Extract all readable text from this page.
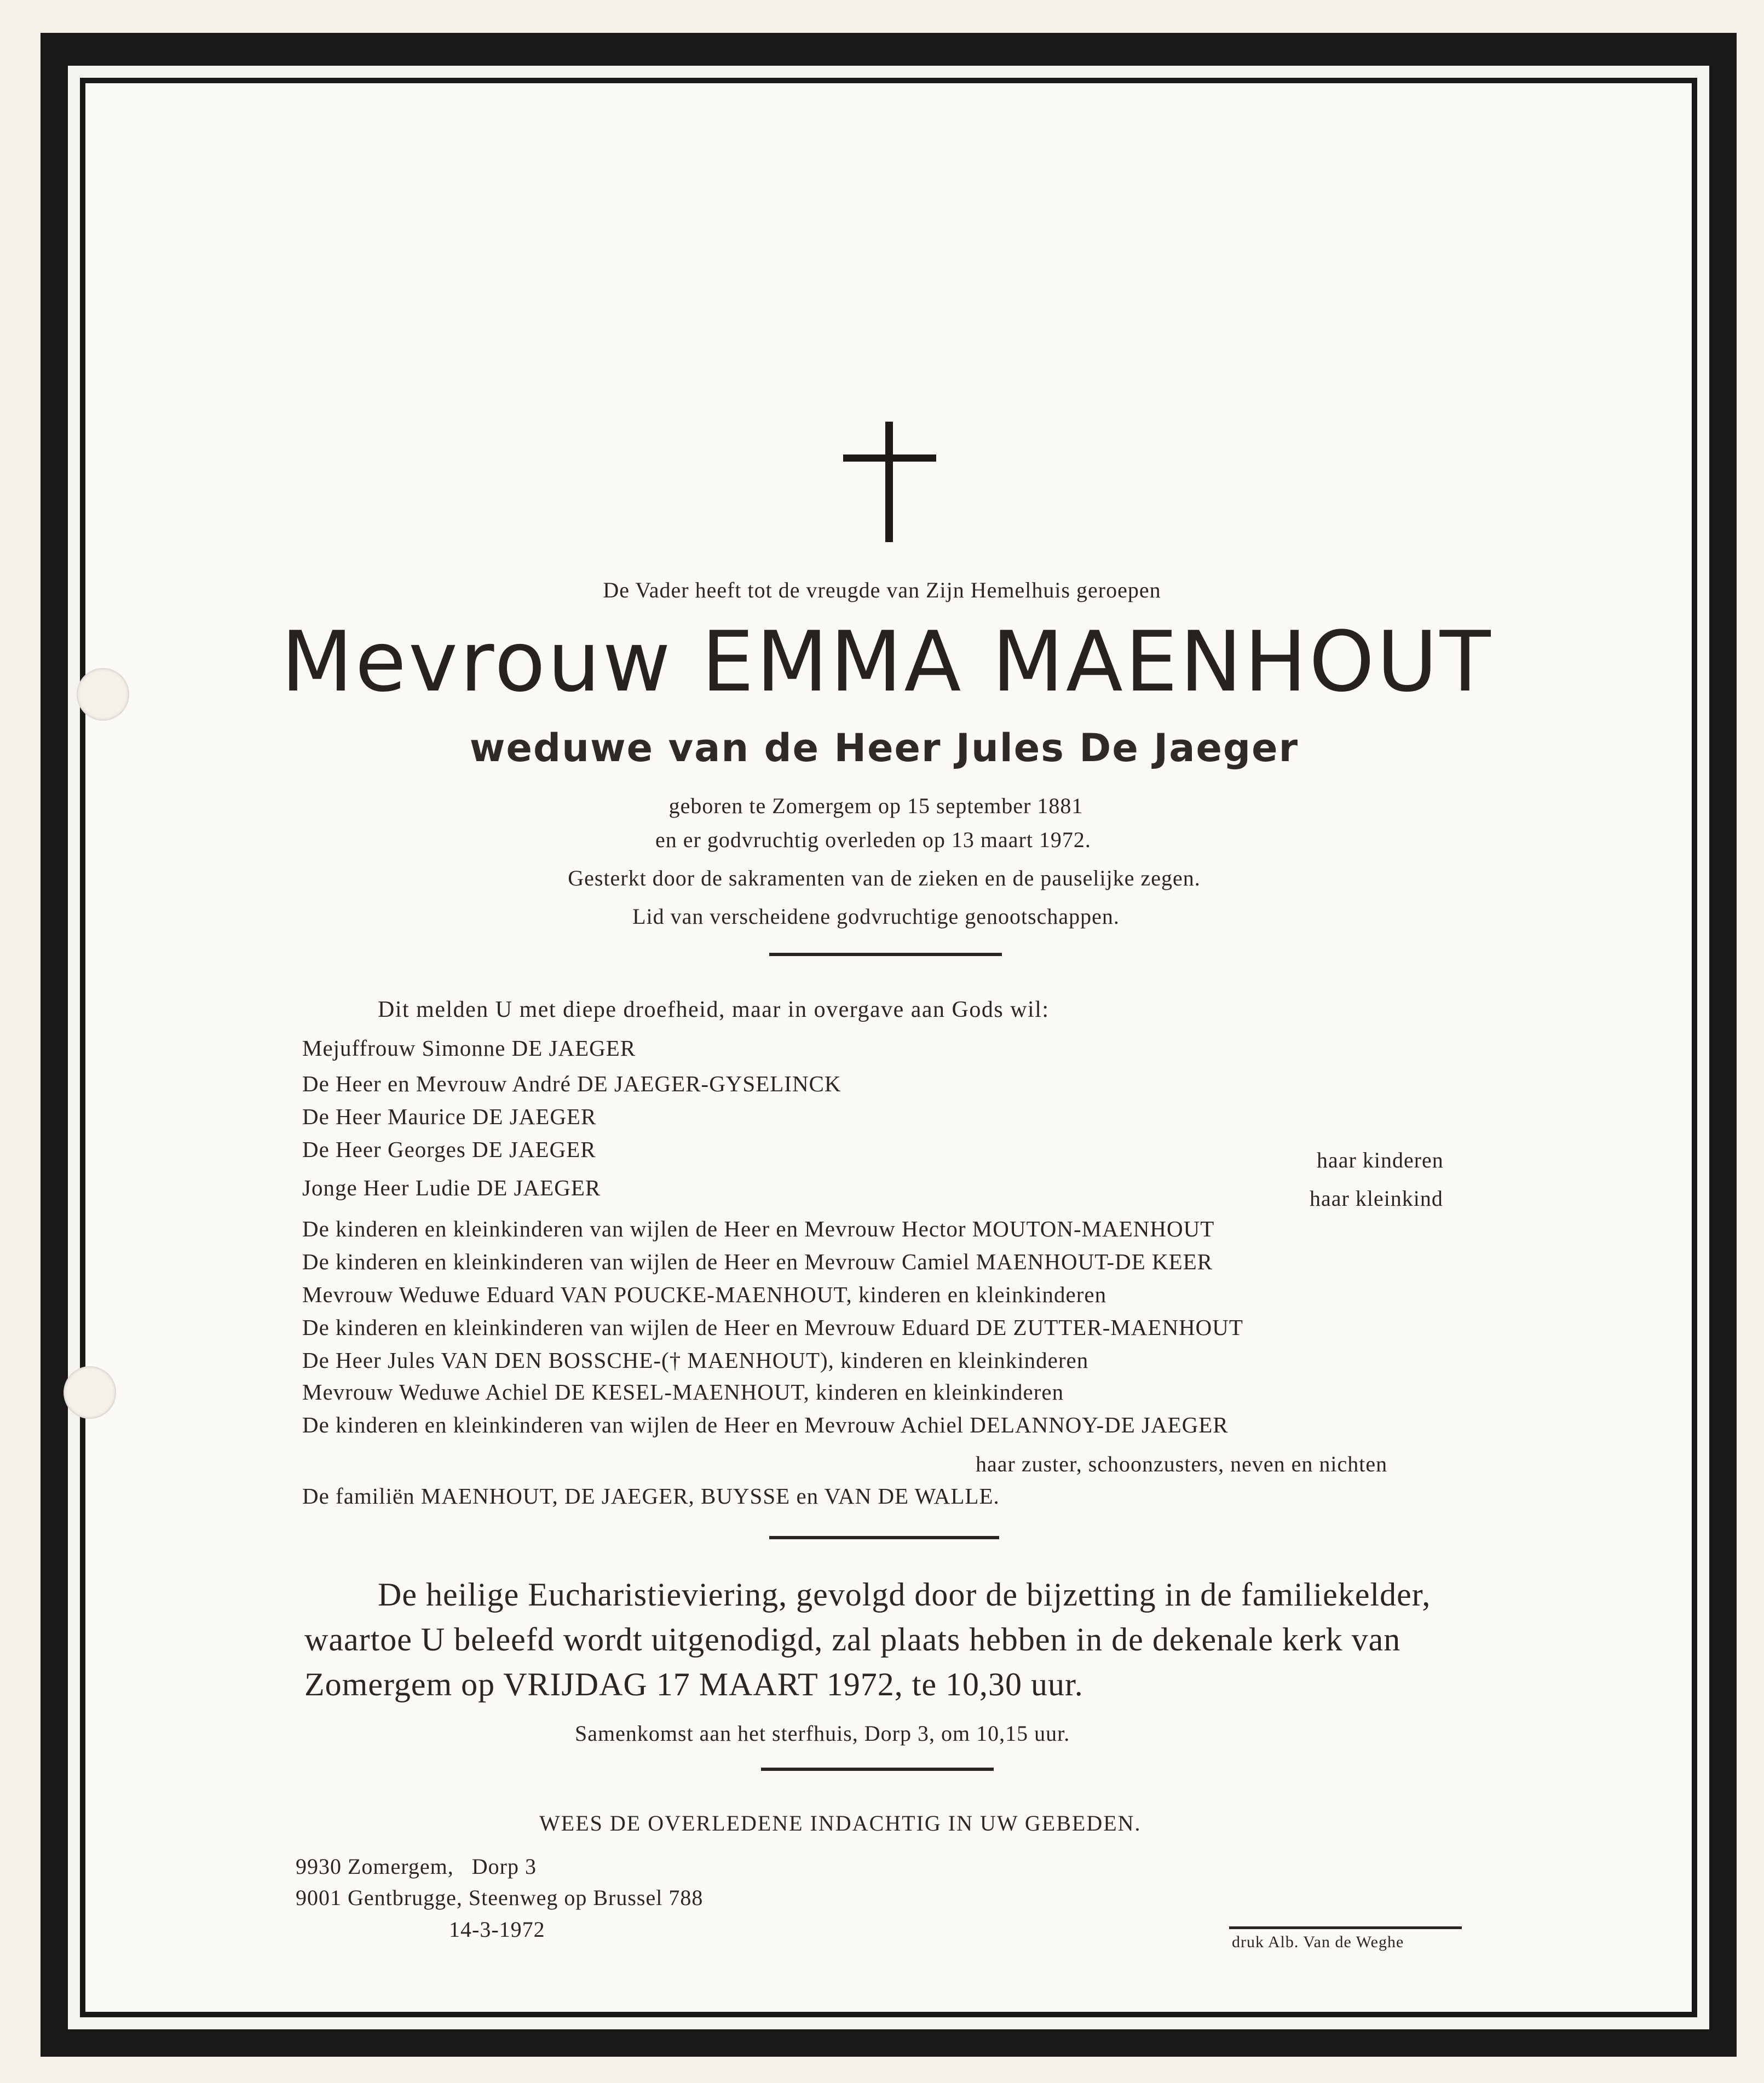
De Vader heeft tot de vreugde van Zijn Hemelhuis geroepen
Mevrouw EMMA MAENHOUT
weduwe van de Heer Jules De Jaeger
geboren te Zomergem op 15 september 1881
en er godvruchtig overleden op 13 maart 1972.
Gesterkt door de sakramenten van de zieken en de pauselijke zegen.
Lid van verscheidene godvruchtige genootschappen.
Dit melden U met diepe droefheid, maar in overgave aan Gods wil:
Mejuffrouw Simonne DE JAEGER
De Heer en Mevrouw André DE JAEGER-GYSELINCK
De Heer Maurice DE JAEGER
De Heer Georges DE JAEGER	haar kinderen
Jonge Heer Ludie DE JAEGER	haar kleinkind
De kinderen en kleinkinderen van wijlen de Heer en Mevrouw Hector MOUTON-MAENHOUT
De kinderen en kleinkinderen van wijlen de Heer en Mevrouw Camiel MAENHOUT-DE KEER
Mevrouw Weduwe Eduard VAN POUCKE-MAENHOUT, kinderen en kleinkinderen
De kinderen en kleinkinderen van wijlen de Heer en Mevrouw Eduard DE ZUTTER-MAENHOUT
De Heer Jules VAN DEN BOSSCHE-(† MAENHOUT), kinderen en kleinkinderen
Mevrouw Weduwe Achiel DE KESEL-MAENHOUT, kinderen en kleinkinderen
De kinderen en kleinkinderen van wijlen de Heer en Mevrouw Achiel DELANNOY-DE JAEGER
haar zuster, schoonzusters, neven en nichten
De familiën MAENHOUT, DE JAEGER, BUYSSE en VAN DE WALLE.
De heilige Eucharistieviering, gevolgd door de bijzetting in de familiekelder,
waartoe U beleefd wordt uitgenodigd, zal plaats hebben in de dekenale kerk van
Zomergem op VRIJDAG 17 MAART 1972, te 10,30 uur.
Samenkomst aan het sterfhuis, Dorp 3, om 10,15 uur.
WEES DE OVERLEDENE INDACHTIG IN UW GEBEDEN.
9930 Zomergem,   Dorp 3
9001 Gentbrugge, Steenweg op Brussel 788
14-3-1972
druk Alb. Van de Weghe
